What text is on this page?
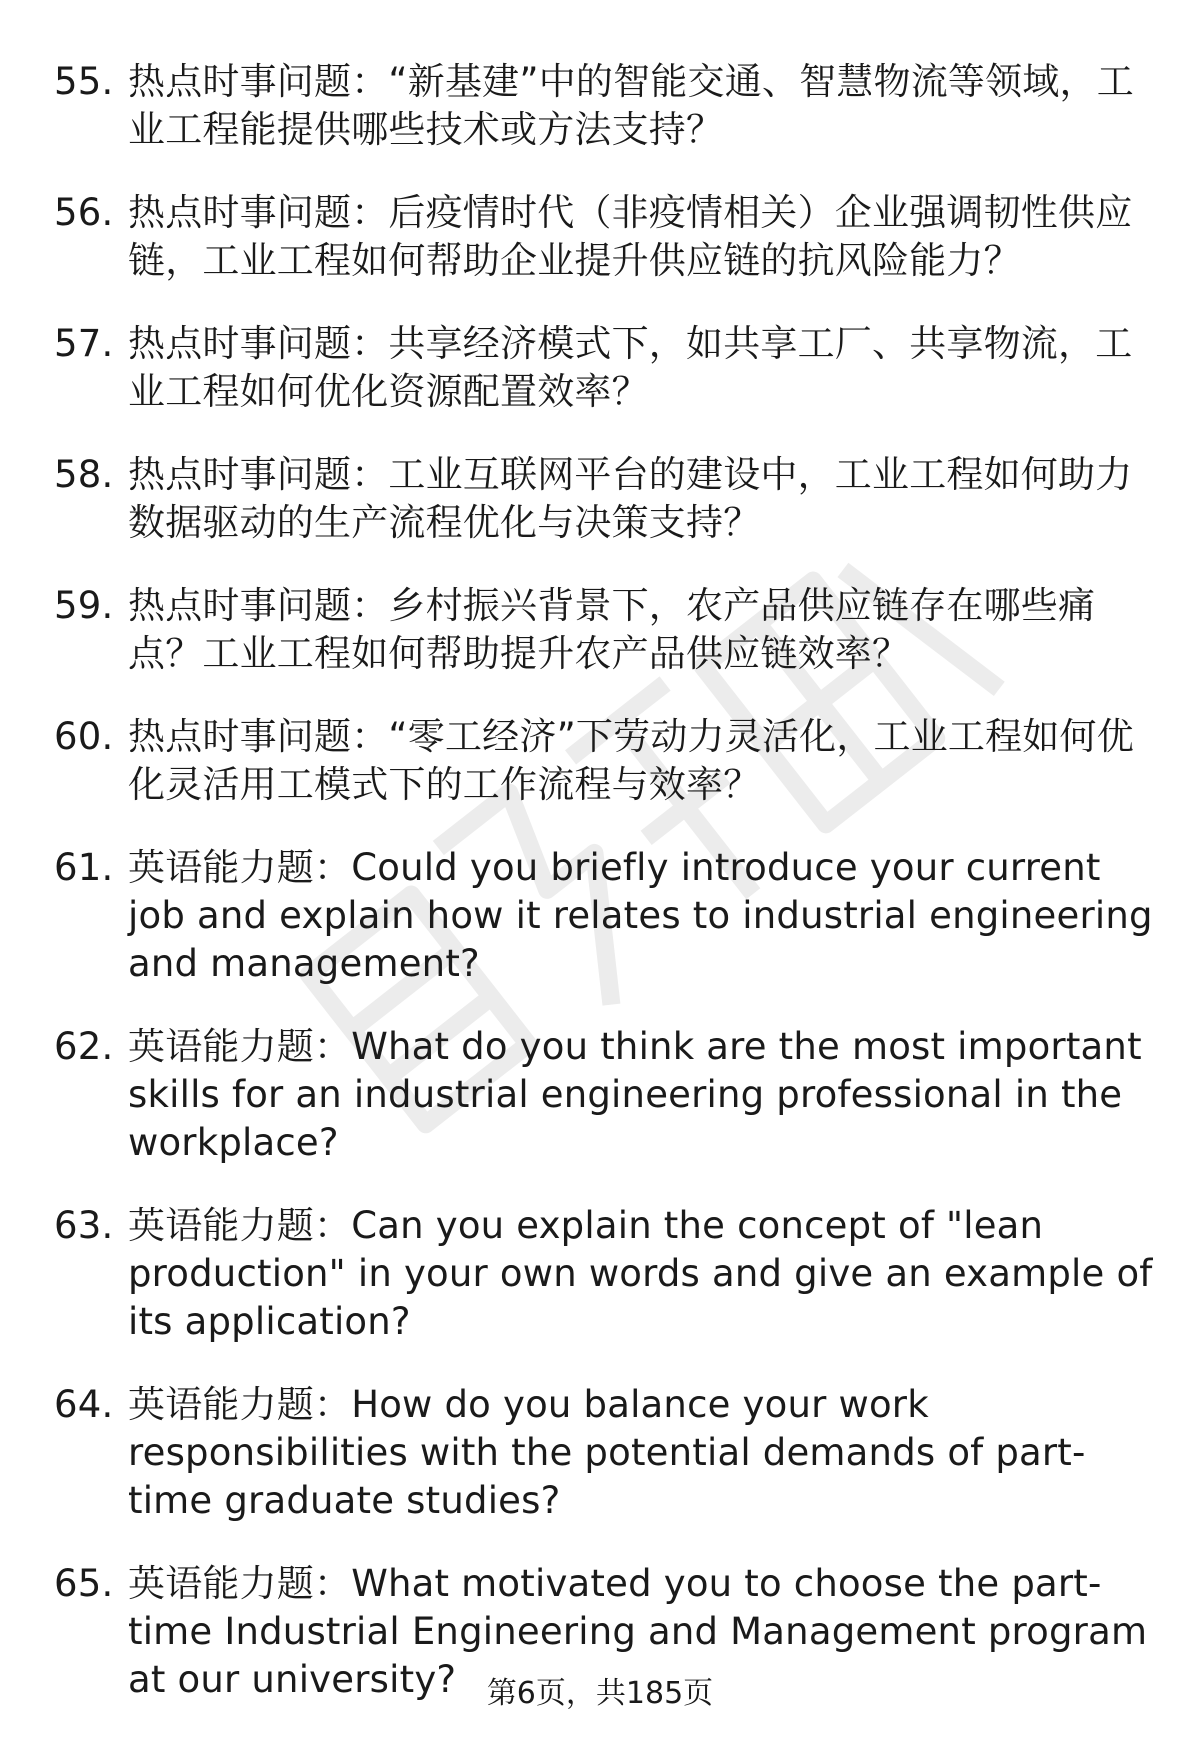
55. 热点时事问题：“新基建”中的智能交通、智慧物流等领域，工业工程能提供哪些技术或方法支持？
56. 热点时事问题：后疫情时代（非疫情相关）企业强调韧性供应链，工业工程如何帮助企业提升供应链的抗风险能力？
57. 热点时事问题：共享经济模式下，如共享工厂、共享物流，工业工程如何优化资源配置效率？
58. 热点时事问题：工业互联网平台的建设中，工业工程如何助力数据驱动的生产流程优化与决策支持？
59. 热点时事问题：乡村振兴背景下，农产品供应链存在哪些痛点？工业工程如何帮助提升农产品供应链效率？
60. 热点时事问题：“零工经济”下劳动力灵活化，工业工程如何优化灵活用工模式下的工作流程与效率？
61. 英语能力题：Could you briefly introduce your current job and explain how it relates to industrial engineering and management?
62. 英语能力题：What do you think are the most important skills for an industrial engineering professional in the workplace?
63. 英语能力题：Can you explain the concept of "lean production" in your own words and give an example of its application?
64. 英语能力题：How do you balance your work responsibilities with the potential demands of part-time graduate studies?
65. 英语能力题：What motivated you to choose the part-time Industrial Engineering and Management program at our university?	第6页，共185页
